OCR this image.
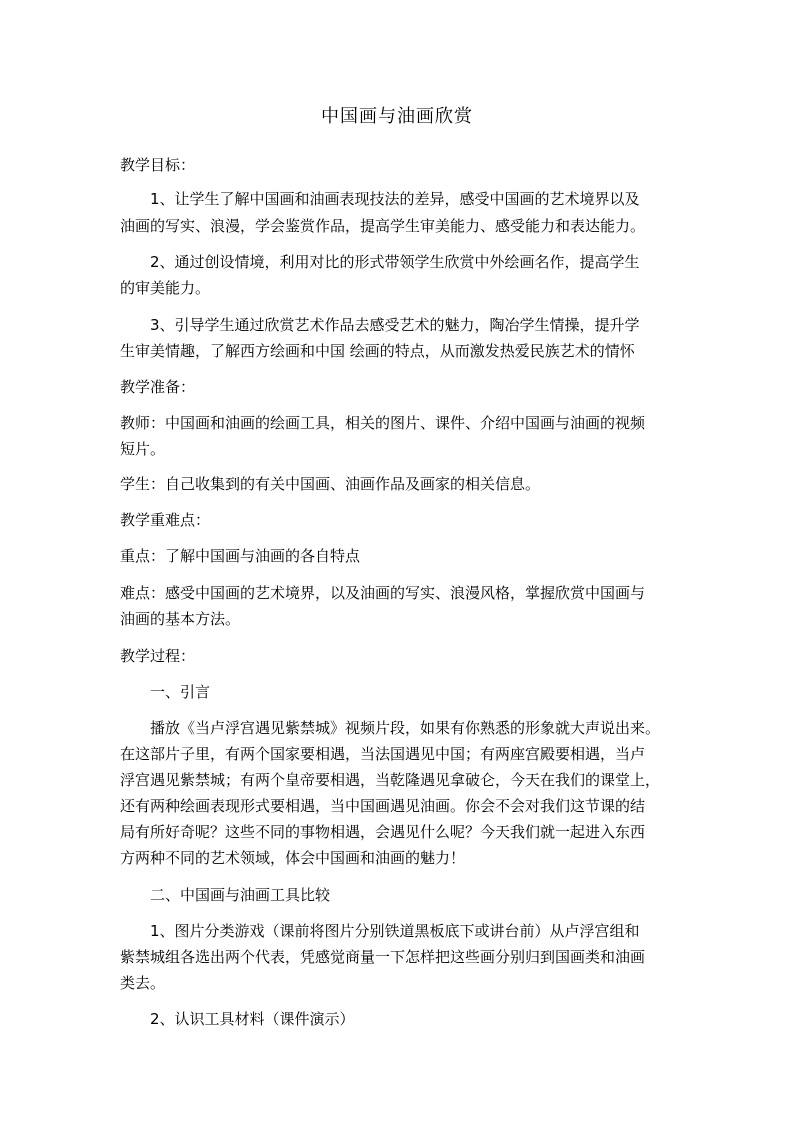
中国画与油画欣赏
教学目标：
1、让学生了解中国画和油画表现技法的差异，感受中国画的艺术境界以及
油画的写实、浪漫，学会鉴赏作品，提高学生审美能力、感受能力和表达能力。
2、通过创设情境，利用对比的形式带领学生欣赏中外绘画名作，提高学生
的审美能力。
3、引导学生通过欣赏艺术作品去感受艺术的魅力，陶冶学生情操，提升学
生审美情趣，了解西方绘画和中国 绘画的特点，从而激发热爱民族艺术的情怀
教学准备：
教师：中国画和油画的绘画工具，相关的图片、课件、介绍中国画与油画的视频
短片。
学生：自己收集到的有关中国画、油画作品及画家的相关信息。
教学重难点：
重点：了解中国画与油画的各自特点
难点：感受中国画的艺术境界，以及油画的写实、浪漫风格，掌握欣赏中国画与
油画的基本方法。
教学过程：
一、引言
播放《当卢浮宫遇见紫禁城》视频片段，如果有你熟悉的形象就大声说出来。
在这部片子里，有两个国家要相遇，当法国遇见中国；有两座宫殿要相遇，当卢
浮宫遇见紫禁城；有两个皇帝要相遇，当乾隆遇见拿破仑，今天在我们的课堂上，
还有两种绘画表现形式要相遇，当中国画遇见油画。你会不会对我们这节课的结
局有所好奇呢？这些不同的事物相遇，会遇见什么呢？今天我们就一起进入东西
方两种不同的艺术领域，体会中国画和油画的魅力！
二、中国画与油画工具比较
1、图片分类游戏（课前将图片分别铁道黑板底下或讲台前）从卢浮宫组和
紫禁城组各选出两个代表，凭感觉商量一下怎样把这些画分别归到国画类和油画
类去。
2、认识工具材料（课件演示）
